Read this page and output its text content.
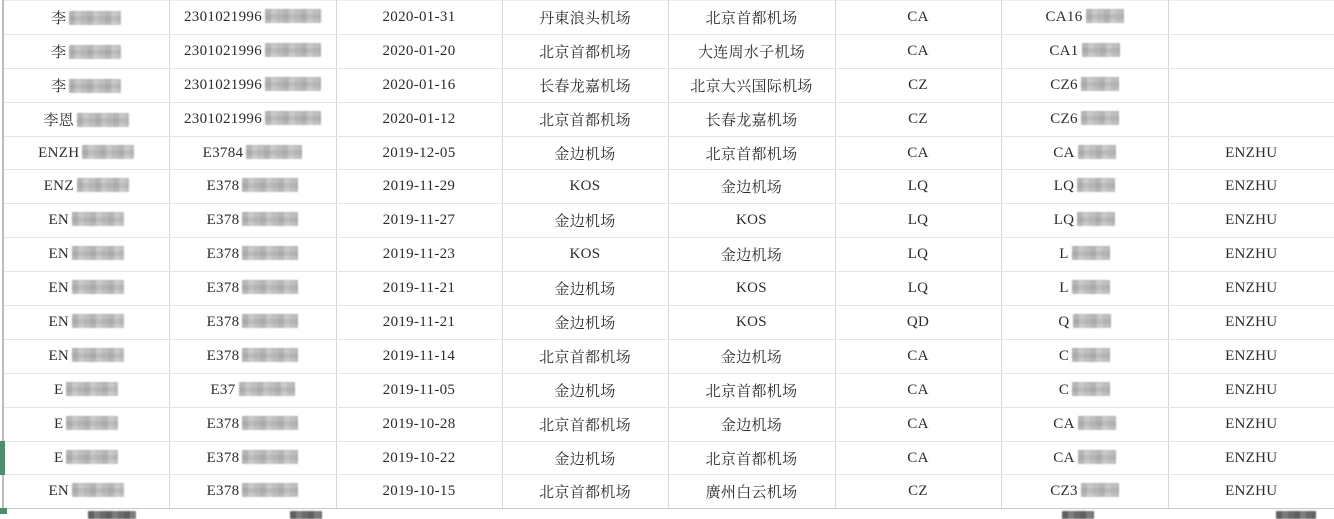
李	2301021996	2020-01-31	丹東浪头机场	北京首都机场	CA	CA16	
李	2301021996	2020-01-20	北京首都机场	大连周水子机场	CA	CA1	
李	2301021996	2020-01-16	长春龙嘉机场	北京大兴国际机场	CZ	CZ6	
李恩	2301021996	2020-01-12	北京首都机场	长春龙嘉机场	CZ	CZ6	
ENZH	E3784	2019-12-05	金边机场	北京首都机场	CA	CA	ENZHU
ENZ	E378	2019-11-29	KOS	金边机场	LQ	LQ	ENZHU
EN	E378	2019-11-27	金边机场	KOS	LQ	LQ	ENZHU
EN	E378	2019-11-23	KOS	金边机场	LQ	L	ENZHU
EN	E378	2019-11-21	金边机场	KOS	LQ	L	ENZHU
EN	E378	2019-11-21	金边机场	KOS	QD	Q	ENZHU
EN	E378	2019-11-14	北京首都机场	金边机场	CA	C	ENZHU
E	E37	2019-11-05	金边机场	北京首都机场	CA	C	ENZHU
E	E378	2019-10-28	北京首都机场	金边机场	CA	CA	ENZHU
E	E378	2019-10-22	金边机场	北京首都机场	CA	CA	ENZHU
EN	E378	2019-10-15	北京首都机场	廣州白云机场	CZ	CZ3	ENZHU
